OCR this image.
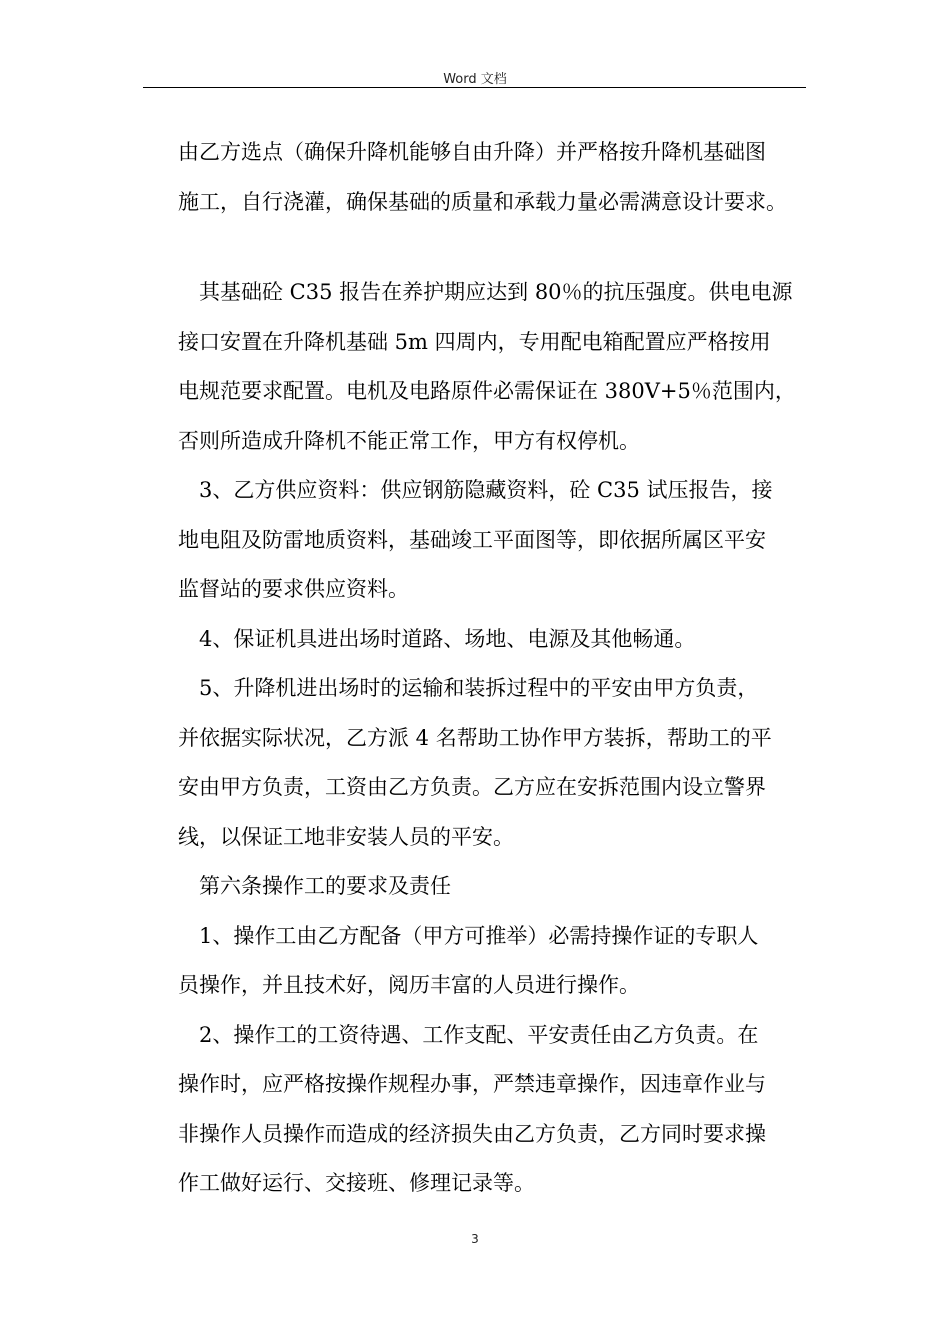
Word 文档
由乙方选点（确保升降机能够自由升降）并严格按升降机基础图
施工，自行浇灌，确保基础的质量和承载力量必需满意设计要求。
其基础砼 C35 报告在养护期应达到 80％的抗压强度。供电电源
接口安置在升降机基础 5m 四周内，专用配电箱配置应严格按用
电规范要求配置。电机及电路原件必需保证在 380V+5％范围内，
否则所造成升降机不能正常工作，甲方有权停机。
3、乙方供应资料：供应钢筋隐藏资料，砼 C35 试压报告，接
地电阻及防雷地质资料，基础竣工平面图等，即依据所属区平安
监督站的要求供应资料。
4、保证机具进出场时道路、场地、电源及其他畅通。
5、升降机进出场时的运输和装拆过程中的平安由甲方负责，
并依据实际状况，乙方派 4 名帮助工协作甲方装拆，帮助工的平
安由甲方负责，工资由乙方负责。乙方应在安拆范围内设立警界
线，以保证工地非安装人员的平安。
第六条操作工的要求及责任
1、操作工由乙方配备（甲方可推举）必需持操作证的专职人
员操作，并且技术好，阅历丰富的人员进行操作。
2、操作工的工资待遇、工作支配、平安责任由乙方负责。在
操作时，应严格按操作规程办事，严禁违章操作，因违章作业与
非操作人员操作而造成的经济损失由乙方负责，乙方同时要求操
作工做好运行、交接班、修理记录等。
3
